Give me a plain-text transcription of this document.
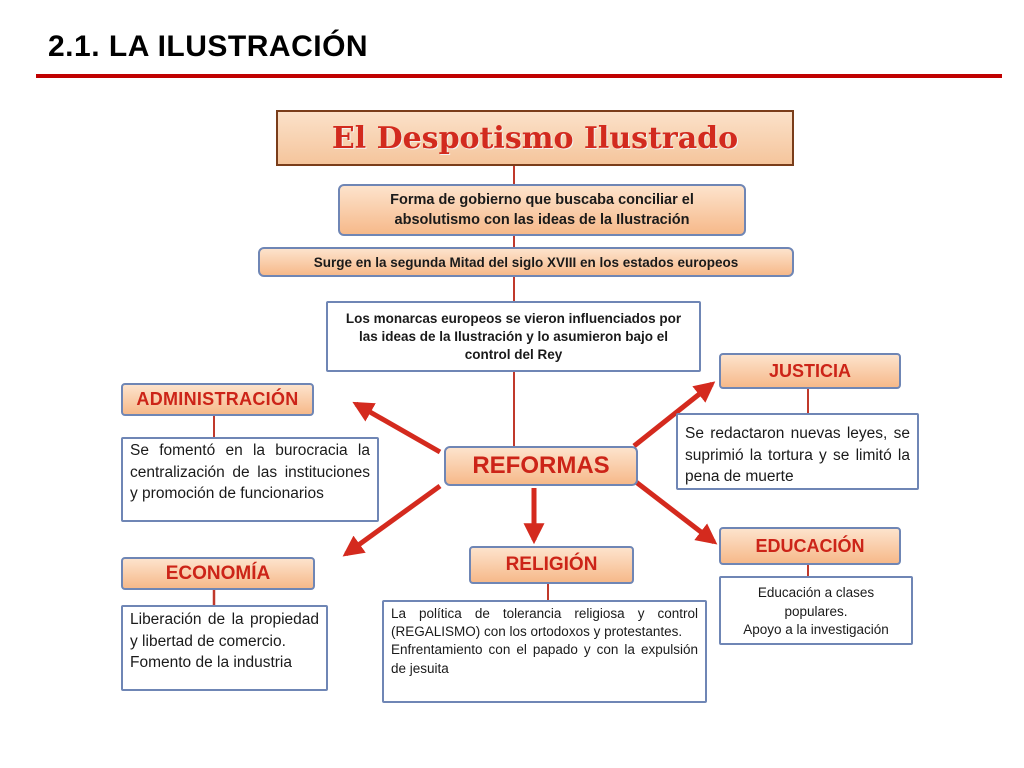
2.1. LA ILUSTRACIÓN
El Despotismo Ilustrado
Forma de gobierno que buscaba conciliar el absolutismo con las ideas de la Ilustración
Surge en la segunda Mitad del siglo XVIII en los estados europeos
Los monarcas europeos se vieron influenciados por las ideas de la Ilustración y lo asumieron bajo el control del Rey
ADMINISTRACIÓN
Se fomentó en la burocracia la centralización de las instituciones y promoción de funcionarios
JUSTICIA
Se redactaron nuevas leyes, se suprimió la tortura y se limitó la pena de muerte
REFORMAS
ECONOMÍA
Liberación de la propiedad y libertad de comercio.
Fomento de la industria
RELIGIÓN
La política de tolerancia religiosa y control (REGALISMO) con los ortodoxos y protestantes.
Enfrentamiento con el papado y con la expulsión de jesuita
EDUCACIÓN
Educación a clases populares.
Apoyo a la investigación
